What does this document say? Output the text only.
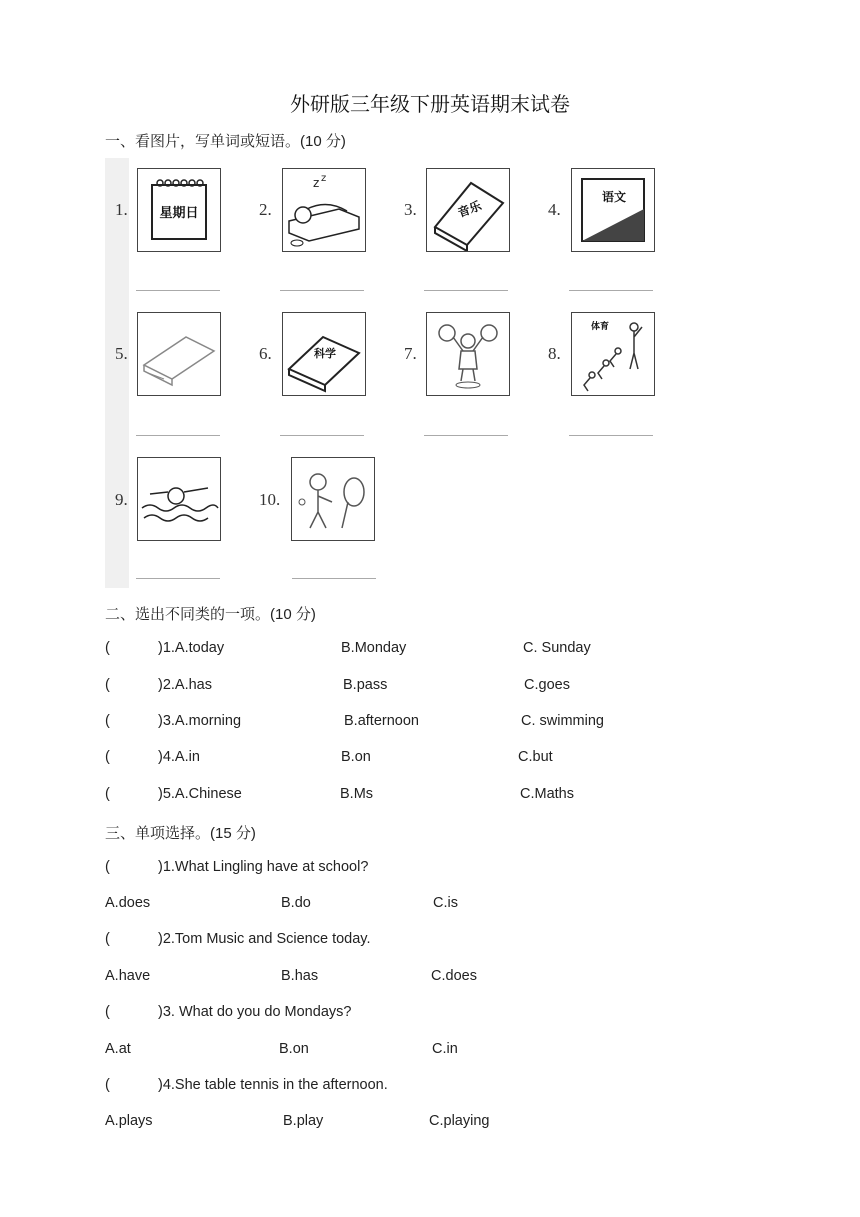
外研版三年级下册英语期末试卷
一、看图片，写单词或短语。(10 分)
1. 星期日	2.
z z
3.	音乐	4.
语文
5.	6.	科学	7.	8.
体育
9.	10.
二、选出不同类的一项。(10 分)
(	)1.A.today	B.Monday	C. Sunday
(	)2.A.has	B.pass	C.goes
(	)3.A.morning	B.afternoon	C. swimming
(	)4.A.in	B.on	C.but
(	)5.A.Chinese	B.Ms	C.Maths
三、单项选择。(15 分)
(	)1.What Lingling have at school?
A.does	B.do	C.is
(	)2.Tom Music and Science today.
A.have	B.has	C.does
(	)3. What do you do Mondays?
A.at	B.on	C.in
(	)4.She table tennis in the afternoon.
A.plays	B.play	C.playing
